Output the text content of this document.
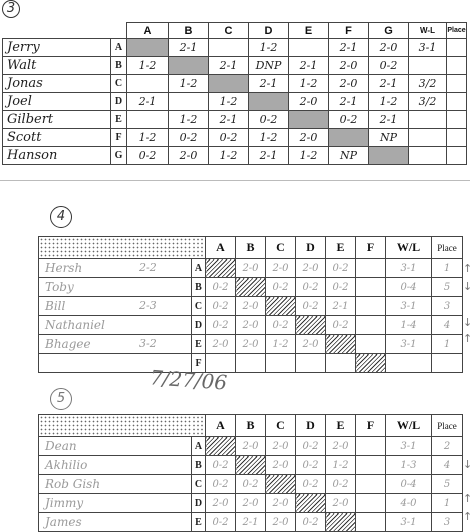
3
		A	B	C	D	E	F	G	W-L	Place
Jerry	A		2-1		1-2		2-1	2-0	3-1	
Walt	B	1-2		2-1	DNP	2-1	2-0	0-2		
Jonas	C		1-2		2-1	1-2	2-0	2-1	3/2	
Joel	D	2-1		1-2		2-0	2-1	1-2	3/2	
Gilbert	E		1-2	2-1	0-2		0-2	2-1		
Scott	F	1-2	0-2	0-2	1-2	2-0		NP		
Hanson	G	0-2	2-0	1-2	2-1	1-2	NP			
4
		A	B	C	D	E	F	W/L	Place
Hersh 2-2	A		2-0	2-0	2-0	0-2		3-1	1
Toby	B	0-2		0-2	0-2	0-2		0-4	5
Bill 2-3	C	0-2	2-0		0-2	2-1		3-1	3
Nathaniel	D	0-2	2-0	0-2		0-2		1-4	4
Bhagee 3-2	E	2-0	2-0	1-2	2-0			3-1	1

	F								
7/27/06
5
		A	B	C	D	E	F	W/L	Place
Dean	A		2-0	2-0	0-2	2-0		3-1	2
Akhilio	B	0-2		2-0	0-2	1-2		1-3	4
Rob Gish	C	0-2	0-2		0-2	0-2		0-4	5
Jimmy	D	2-0	2-0	2-0		2-0		4-0	1
James	E	0-2	2-1	2-0	0-2			3-1	3
↑
↓
↓
↑
↓
↑
↑
